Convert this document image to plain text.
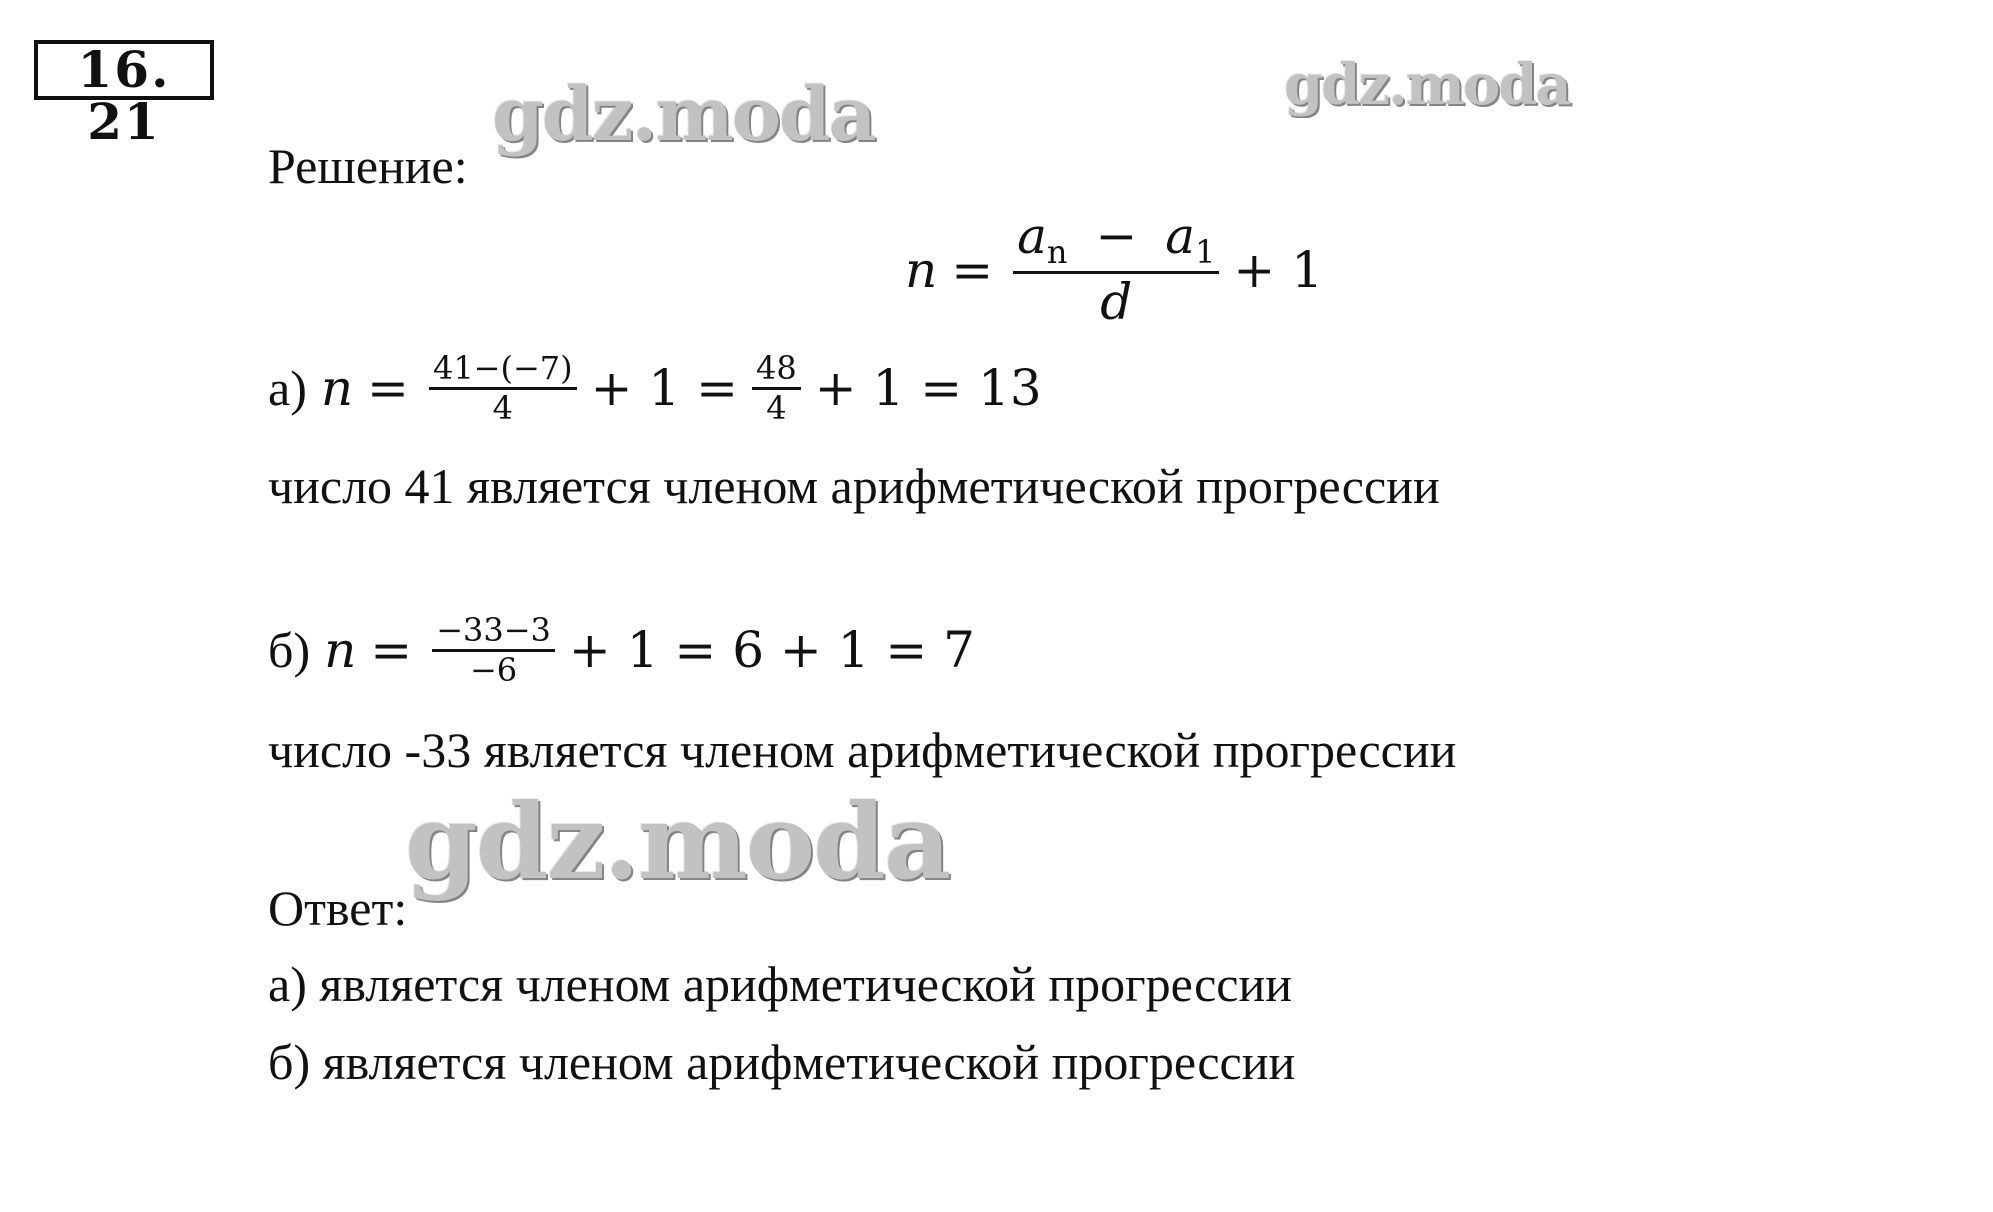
16. 21	gdz.moda	gdz.moda
Решение:
$n = \frac{a_n - a_1}{d} + 1$
а) $n = \frac{41-(-7)}{4} + 1 = \frac{48}{4} + 1 = 13$
число 41 является членом арифметической прогрессии
б) $n = \frac{-33-3}{-6} + 1 = 6 + 1 = 7$
число -33 является членом арифметической прогрессии
gdz.moda
Ответ:
а) является членом арифметической прогрессии
б) является членом арифметической прогрессии
